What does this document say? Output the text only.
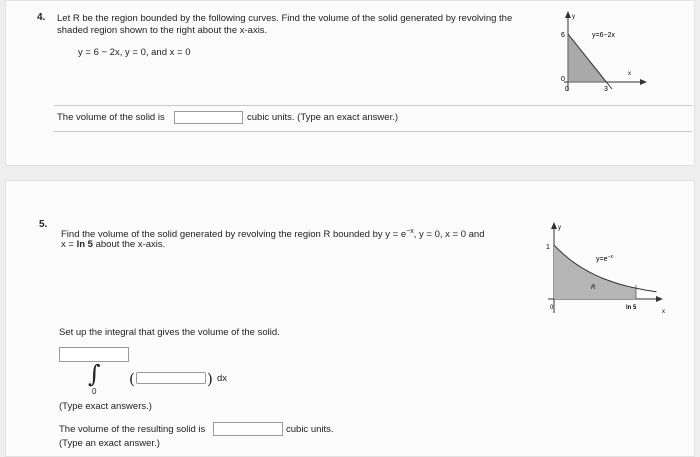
4. Let R be the region bounded by the following curves. Find the volume of the solid generated by revolving the
shaded region shown to the right about the x-axis.
y = 6 − 2x, y = 0, and x = 0
y
x
y=6−2x
6
0
0	3
The volume of the solid is	cubic units. (Type an exact answer.)
5.
Find the volume of the solid generated by revolving the region R bounded by $y = e^{-x}$, y = 0, x = 0 and
x = ln 5 about the x-axis.
y
x
$y=e^{-x}$
R
1
0	ln 5
Set up the integral that gives the volume of the solid.
∫
0
(	) dx
(Type exact answers.)
The volume of the resulting solid is	cubic units.
(Type an exact answer.)
